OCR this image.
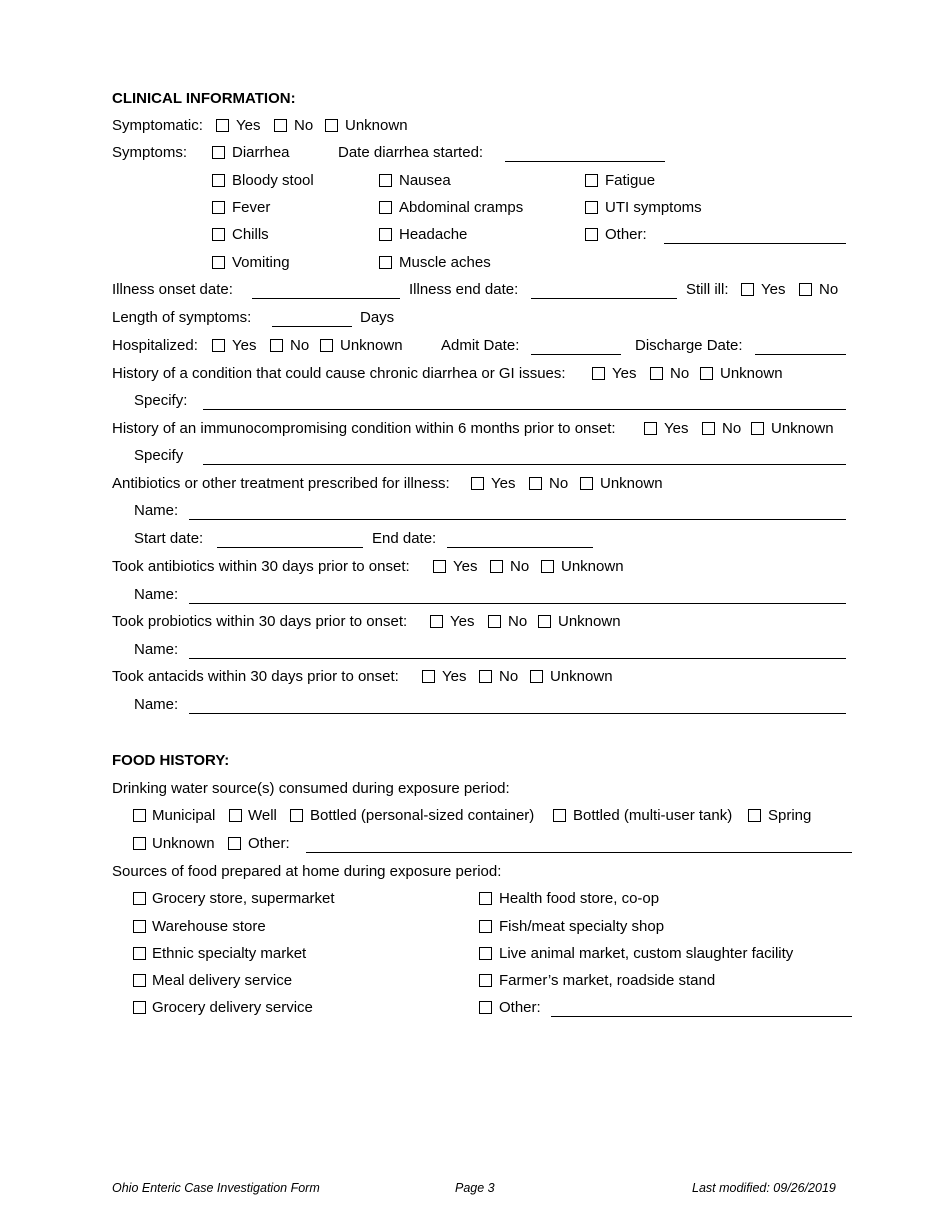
CLINICAL INFORMATION:
Symptomatic: Yes No Unknown
Symptoms:	Diarrhea	Date diarrhea started:
Bloody stool	Nausea	Fatigue
Fever	Abdominal cramps	UTI symptoms
Chills	Headache	Other:
Vomiting	Muscle aches
Illness onset date:	Illness end date:	Still ill: Yes No
Length of symptoms:	Days
Hospitalized: Yes No Unknown	Admit Date:	Discharge Date:
History of a condition that could cause chronic diarrhea or GI issues:	Yes No Unknown
Specify:
History of an immunocompromising condition within 6 months prior to onset:	Yes No Unknown
Specify
Antibiotics or other treatment prescribed for illness:	Yes No Unknown
Name:
Start date:	End date:
Took antibiotics within 30 days prior to onset:	Yes No Unknown
Name:
Took probiotics within 30 days prior to onset:	Yes No Unknown
Name:
Took antacids within 30 days prior to onset:	Yes No Unknown
Name:
FOOD HISTORY:
Drinking water source(s) consumed during exposure period:
Municipal Well Bottled (personal-sized container)	Bottled (multi-user tank) Spring
Unknown Other:
Sources of food prepared at home during exposure period:
Grocery store, supermarket	Health food store, co-op
Warehouse store	Fish/meat specialty shop
Ethnic specialty market	Live animal market, custom slaughter facility
Meal delivery service	Farmer’s market, roadside stand
Grocery delivery service	Other:
Ohio Enteric Case Investigation Form	Page 3	Last modified: 09/26/2019
